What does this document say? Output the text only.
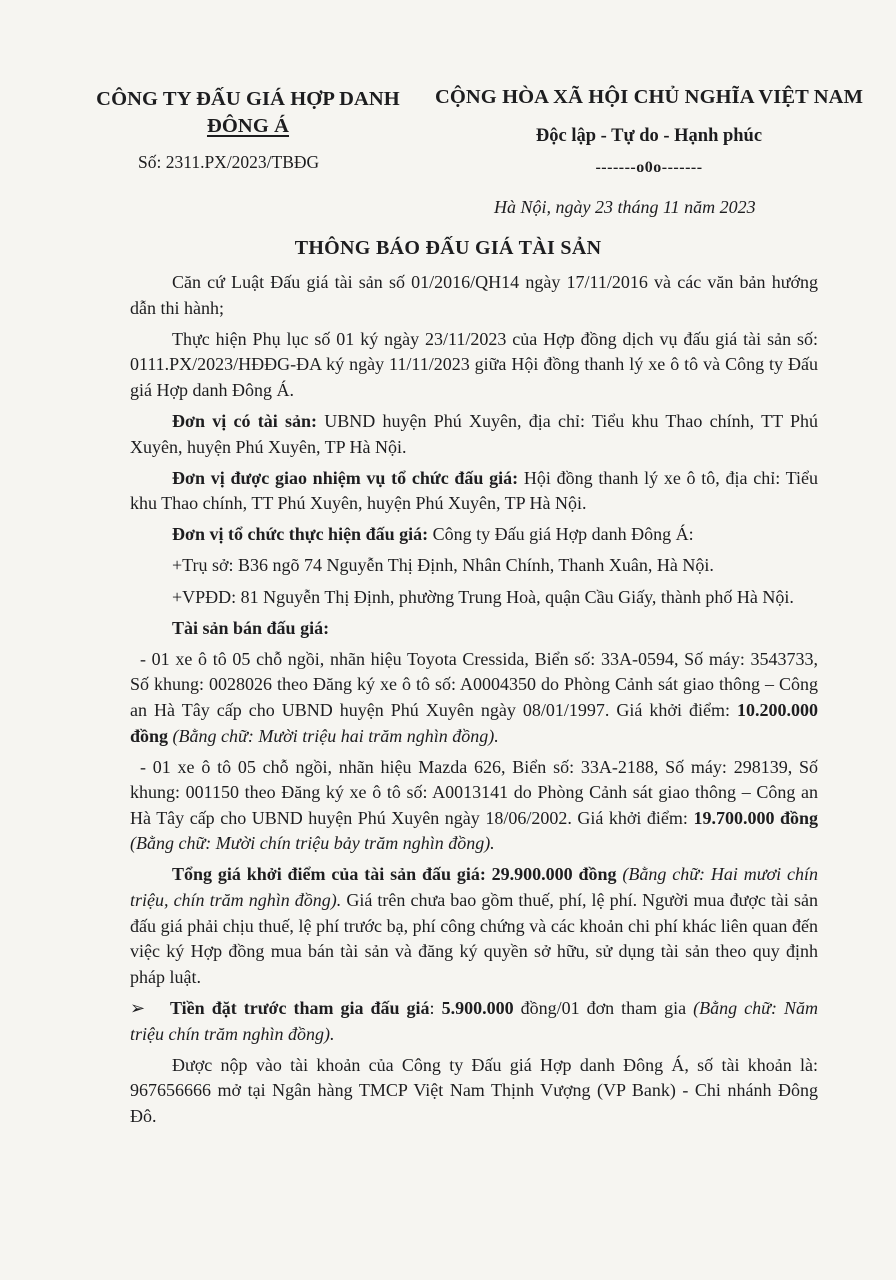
CÔNG TY ĐẤU GIÁ HỢP DANH
ĐÔNG Á
Số: 2311.PX/2023/TBĐG
CỘNG HÒA XÃ HỘI CHỦ NGHĨA VIỆT NAM
Độc lập - Tự do - Hạnh phúc
-------o0o-------
Hà Nội, ngày 23 tháng 11 năm 2023
THÔNG BÁO ĐẤU GIÁ TÀI SẢN

Căn cứ Luật Đấu giá tài sản số 01/2016/QH14 ngày 17/11/2016 và các văn bản hướng dẫn thi hành;

Thực hiện Phụ lục số 01 ký ngày 23/11/2023 của Hợp đồng dịch vụ đấu giá tài sản số: 0111.PX/2023/HĐĐG-ĐA ký ngày 11/11/2023 giữa Hội đồng thanh lý xe ô tô và Công ty Đấu giá Hợp danh Đông Á.

Đơn vị có tài sản: UBND huyện Phú Xuyên, địa chỉ: Tiểu khu Thao chính, TT Phú Xuyên, huyện Phú Xuyên, TP Hà Nội.

Đơn vị được giao nhiệm vụ tổ chức đấu giá: Hội đồng thanh lý xe ô tô, địa chỉ: Tiểu khu Thao chính, TT Phú Xuyên, huyện Phú Xuyên, TP Hà Nội.

Đơn vị tổ chức thực hiện đấu giá: Công ty Đấu giá Hợp danh Đông Á:

+Trụ sở: B36 ngõ 74 Nguyễn Thị Định, Nhân Chính, Thanh Xuân, Hà Nội.

+VPĐD: 81 Nguyễn Thị Định, phường Trung Hoà, quận Cầu Giấy, thành phố Hà Nội.

Tài sản bán đấu giá:

- 01 xe ô tô 05 chỗ ngồi, nhãn hiệu Toyota Cressida, Biển số: 33A-0594, Số máy: 3543733, Số khung: 0028026 theo Đăng ký xe ô tô số: A0004350 do Phòng Cảnh sát giao thông – Công an Hà Tây cấp cho UBND huyện Phú Xuyên ngày 08/01/1997. Giá khởi điểm: 10.200.000 đồng (Bằng chữ: Mười triệu hai trăm nghìn đồng).

- 01 xe ô tô 05 chỗ ngồi, nhãn hiệu Mazda 626, Biển số: 33A-2188, Số máy: 298139, Số khung: 001150 theo Đăng ký xe ô tô số: A0013141 do Phòng Cảnh sát giao thông – Công an Hà Tây cấp cho UBND huyện Phú Xuyên ngày 18/06/2002. Giá khởi điểm: 19.700.000 đồng (Bằng chữ: Mười chín triệu bảy trăm nghìn đồng).

Tổng giá khởi điểm của tài sản đấu giá: 29.900.000 đồng (Bằng chữ: Hai mươi chín triệu, chín trăm nghìn đồng). Giá trên chưa bao gồm thuế, phí, lệ phí. Người mua được tài sản đấu giá phải chịu thuế, lệ phí trước bạ, phí công chứng và các khoản chi phí khác liên quan đến việc ký Hợp đồng mua bán tài sản và đăng ký quyền sở hữu, sử dụng tài sản theo quy định pháp luật.

➢ Tiền đặt trước tham gia đấu giá: 5.900.000 đồng/01 đơn tham gia (Bằng chữ: Năm triệu chín trăm nghìn đồng).

Được nộp vào tài khoản của Công ty Đấu giá Hợp danh Đông Á, số tài khoản là: 967656666 mở tại Ngân hàng TMCP Việt Nam Thịnh Vượng (VP Bank) - Chi nhánh Đông Đô.
